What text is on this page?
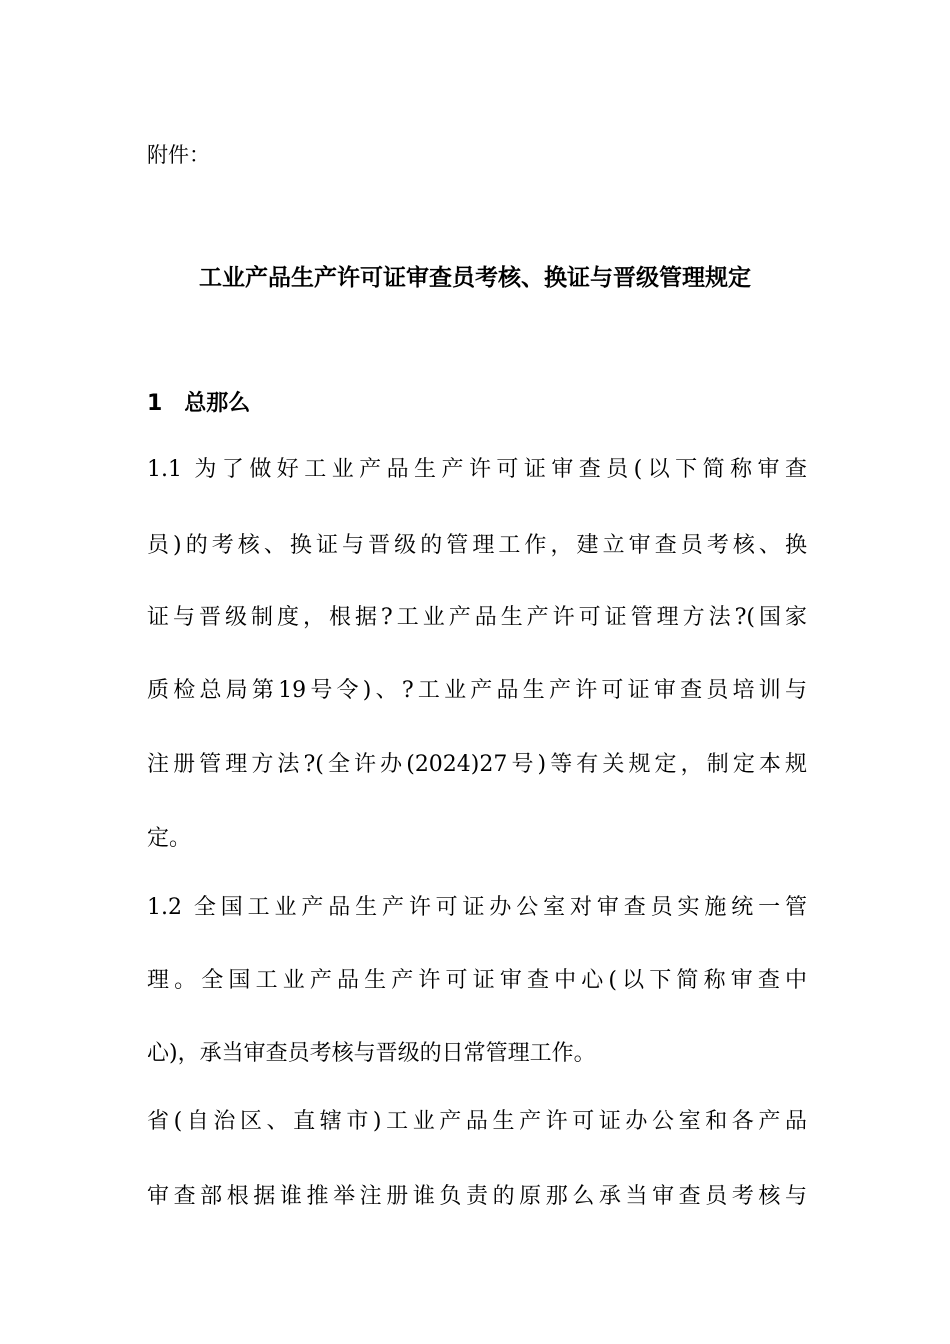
附件：
工业产品生产许可证审查员考核、换证与晋级管理规定
1　总那么
1.1 为了做好工业产品生产许可证审查员(以下简称审查
员)的考核、换证与晋级的管理工作，建立审查员考核、换
证与晋级制度，根据?工业产品生产许可证管理方法?(国家
质检总局第19号令)、?工业产品生产许可证审查员培训与
注册管理方法?(全许办(2024)27号)等有关规定，制定本规
定。
1.2 全国工业产品生产许可证办公室对审查员实施统一管
理。全国工业产品生产许可证审查中心(以下简称审查中
心)，承当审查员考核与晋级的日常管理工作。
省(自治区、直辖市)工业产品生产许可证办公室和各产品
审查部根据谁推举注册谁负责的原那么承当审查员考核与
